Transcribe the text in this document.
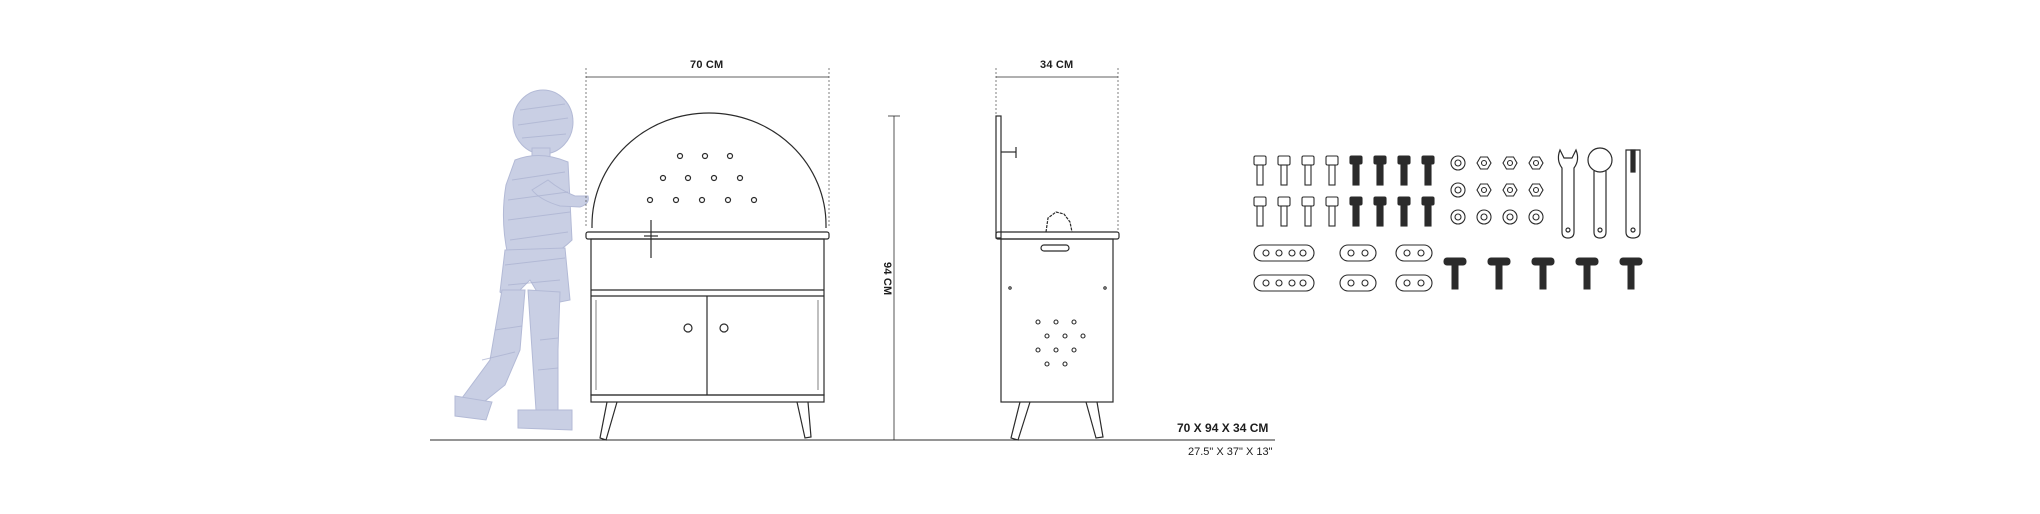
70 CM	34 CM
94 CM
70 X 94 X 34 CM
27.5" X 37" X 13"
